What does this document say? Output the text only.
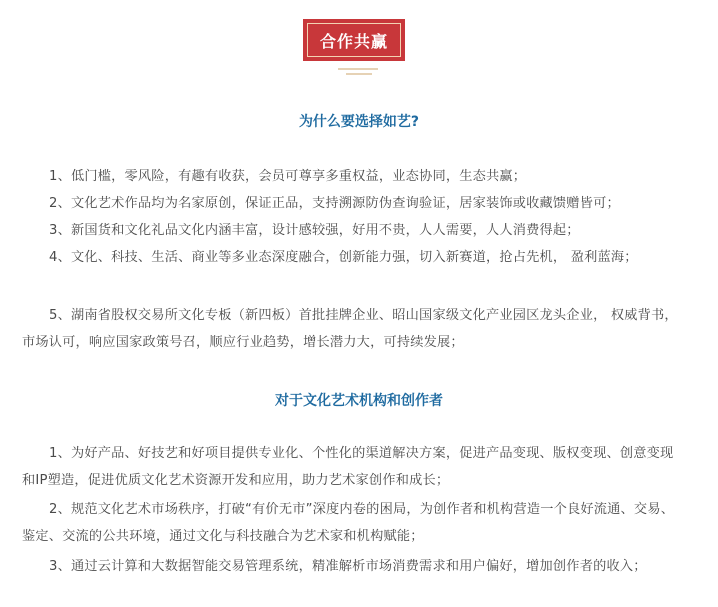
合作共赢
为什么要选择如艺?
1、低门槛，零风险，有趣有收获，会员可尊享多重权益，业态协同，生态共赢；
2、文化艺术作品均为名家原创，保证正品，支持溯源防伪查询验证，居家装饰或收藏馈赠皆可；
3、新国货和文化礼品文化内涵丰富，设计感较强，好用不贵，人人需要，人人消费得起；
4、文化、科技、生活、商业等多业态深度融合，创新能力强，切入新赛道，抢占先机， 盈利蓝海；
5、湖南省股权交易所文化专板（新四板）首批挂牌企业、昭山国家级文化产业园区龙头企业， 权威背书，市场认可，响应国家政策号召，顺应行业趋势，增长潜力大，可持续发展；
对于文化艺术机构和创作者
1、为好产品、好技艺和好项目提供专业化、个性化的渠道解决方案，促进产品变现、版权变现、创意变现和IP塑造，促进优质文化艺术资源开发和应用，助力艺术家创作和成长；
2、规范文化艺术市场秩序，打破“有价无市”深度内卷的困局，为创作者和机构营造一个良好流通、交易、鉴定、交流的公共环境，通过文化与科技融合为艺术家和机构赋能；
3、通过云计算和大数据智能交易管理系统，精准解析市场消费需求和用户偏好，增加创作者的收入；
